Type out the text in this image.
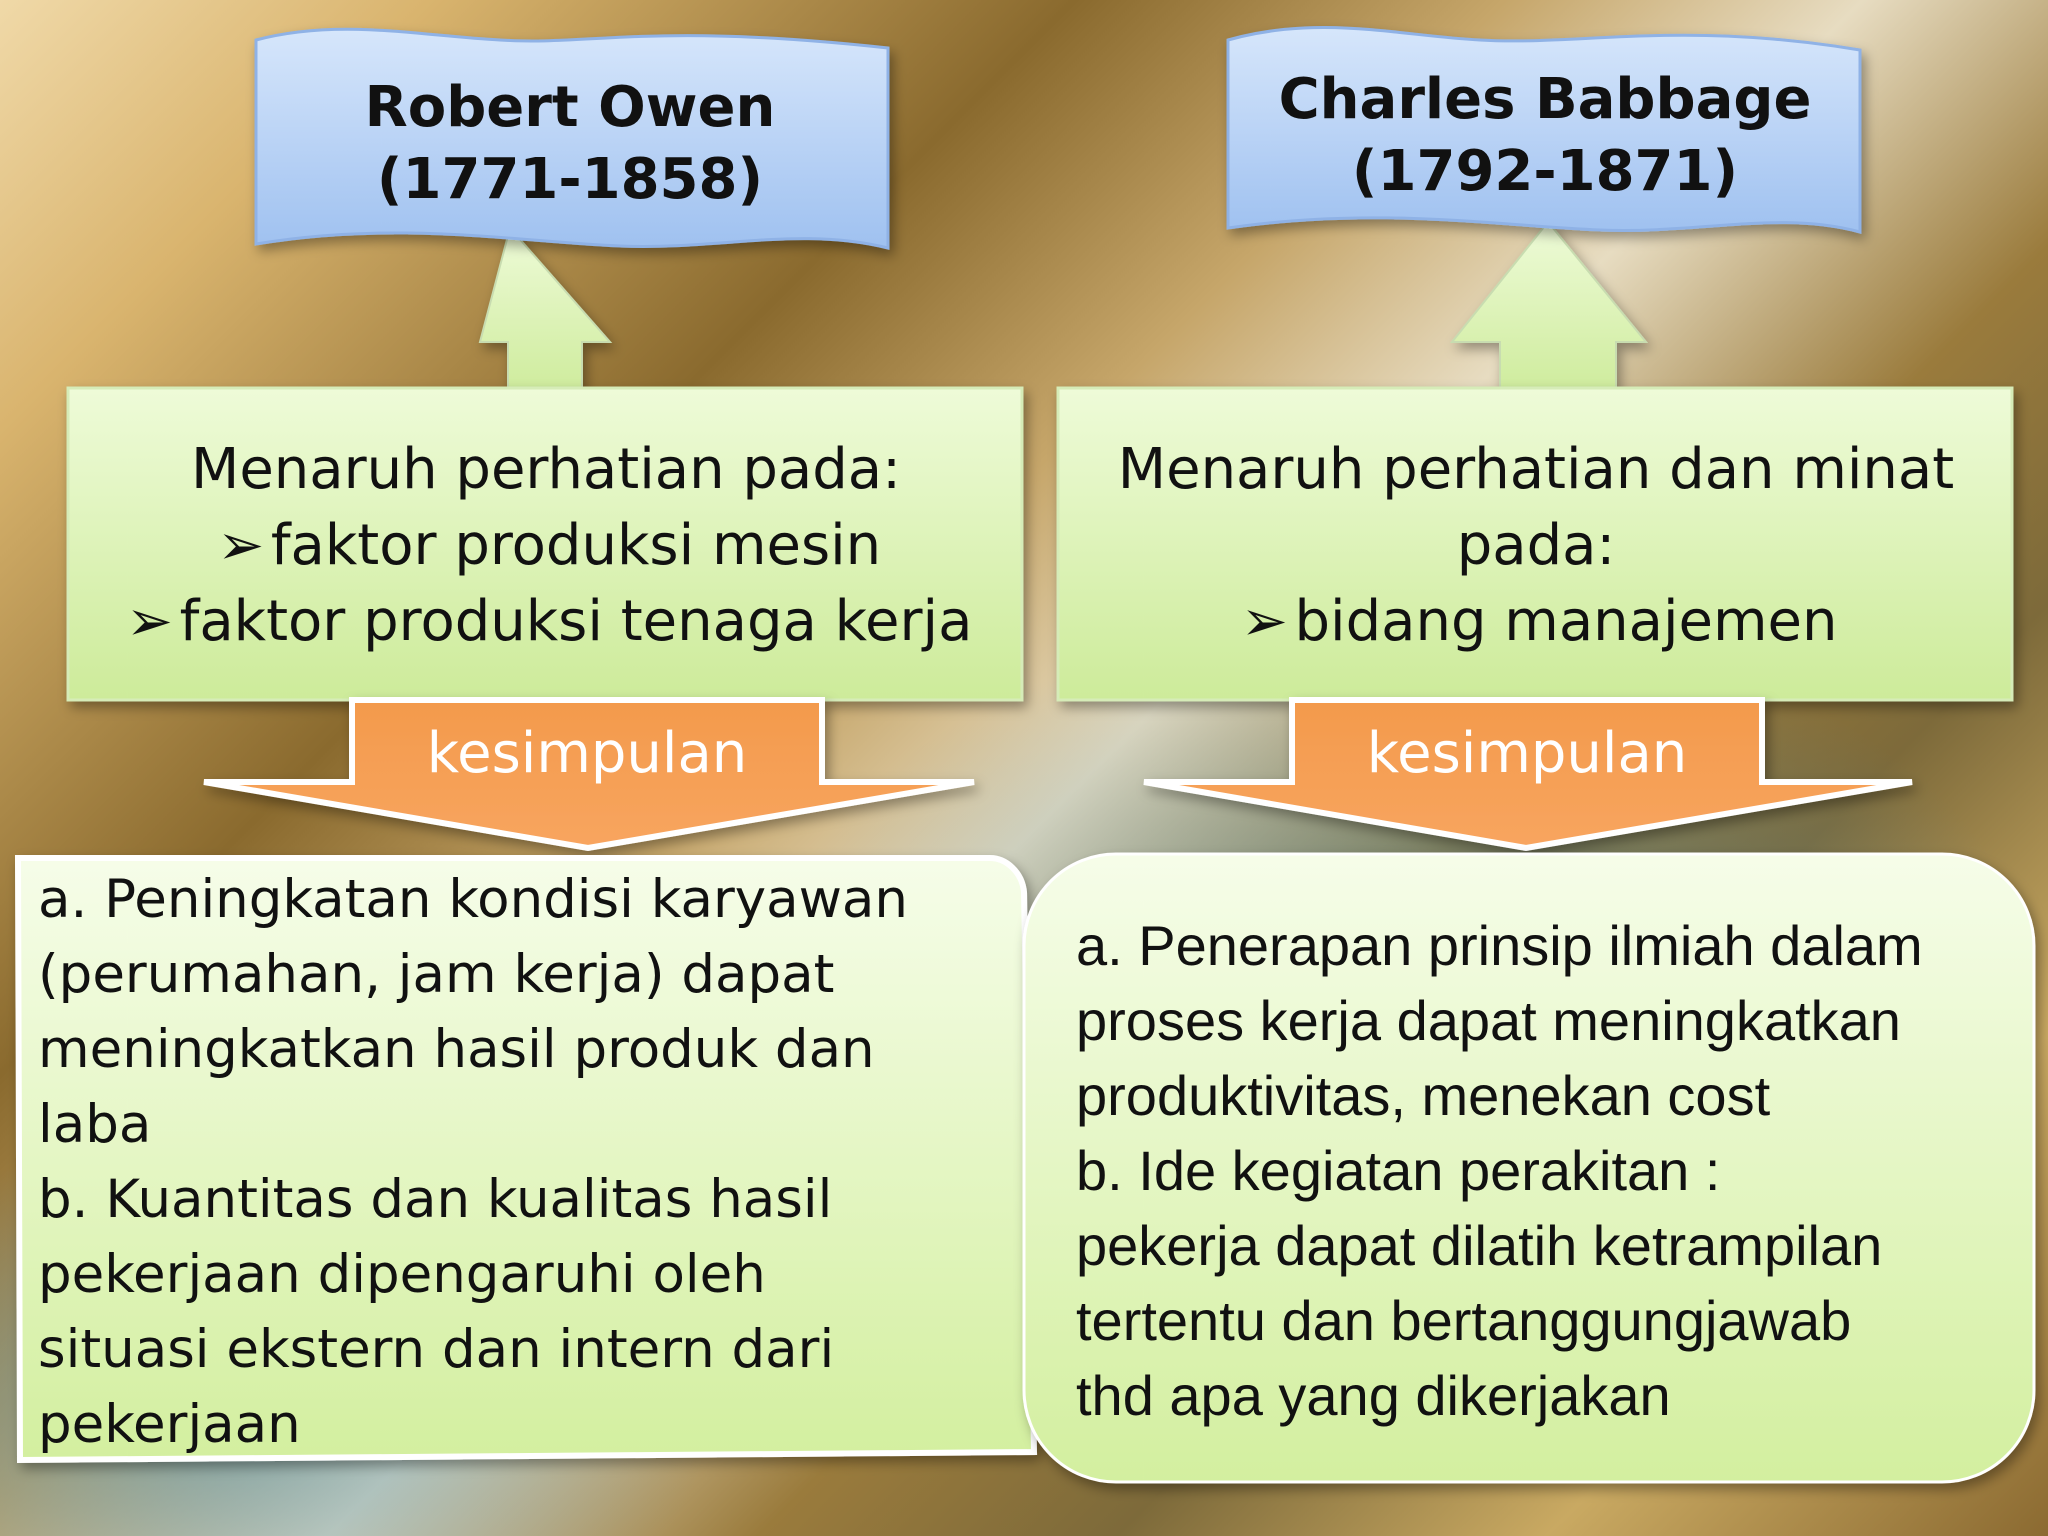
Robert Owen
(1771-1858)
Charles Babbage
(1792-1871)
Menaruh perhatian pada:
➢ faktor produksi mesin
➢ faktor produksi tenaga kerja
Menaruh perhatian dan minat
pada:
➢ bidang manajemen
kesimpulan	kesimpulan
a. Peningkatan kondisi karyawan
(perumahan, jam kerja) dapat
meningkatkan hasil produk dan
laba
b. Kuantitas dan kualitas hasil
pekerjaan dipengaruhi oleh
situasi ekstern dan intern dari
pekerjaan
a. Penerapan prinsip ilmiah dalam
proses kerja dapat meningkatkan
produktivitas, menekan cost
b. Ide kegiatan perakitan :
pekerja dapat dilatih ketrampilan
tertentu dan bertanggungjawab
thd apa yang dikerjakan
